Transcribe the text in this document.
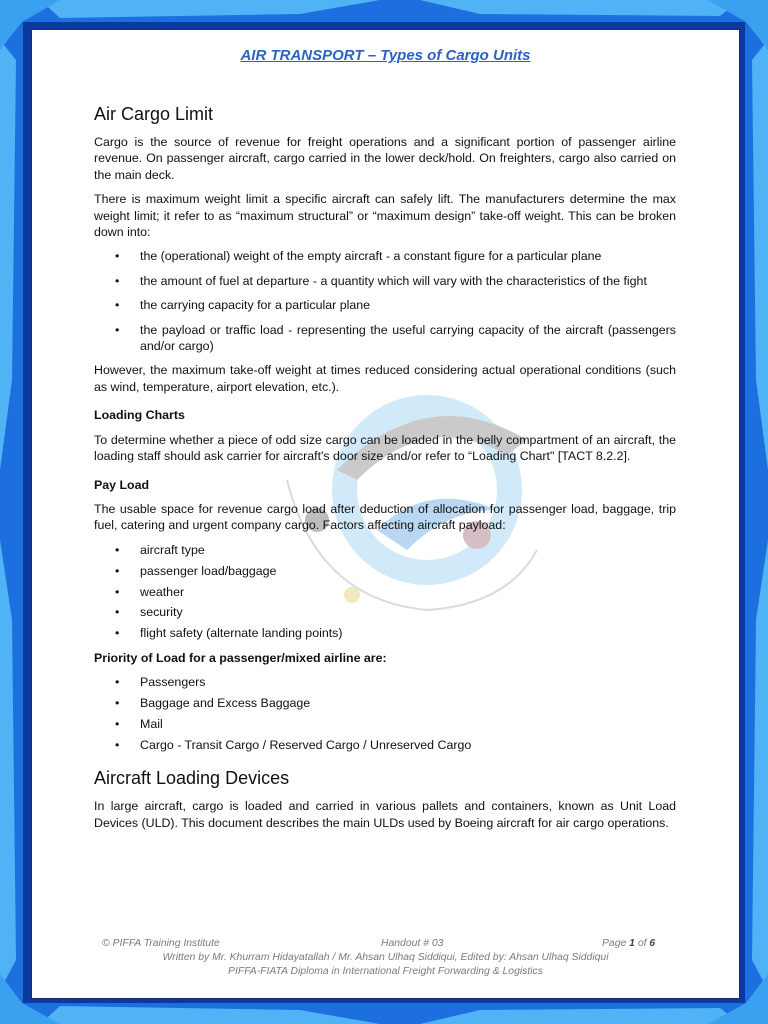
AIR TRANSPORT – Types of Cargo Units
Air Cargo Limit

Cargo is the source of revenue for freight operations and a significant portion of passenger airline revenue. On passenger aircraft, cargo carried in the lower deck/hold. On freighters, cargo also carried on the main deck.

There is maximum weight limit a specific aircraft can safely lift. The manufacturers determine the max weight limit; it refer to as “maximum structural” or “maximum design” take-off weight. This can be broken down into:

• the (operational) weight of the empty aircraft - a constant figure for a particular plane
• the amount of fuel at departure - a quantity which will vary with the characteristics of the fight
• the carrying capacity for a particular plane
• the payload or traffic load - representing the useful carrying capacity of the aircraft (passengers and/or cargo)

However, the maximum take-off weight at times reduced considering actual operational conditions (such as wind, temperature, airport elevation, etc.).

Loading Charts

To determine whether a piece of odd size cargo can be loaded in the belly compartment of an aircraft, the loading staff should ask carrier for aircraft's door size and/or refer to “Loading Chart" [TACT 8.2.2].

Pay Load

The usable space for revenue cargo load after deduction of allocation for passenger load, baggage, trip fuel, catering and urgent company cargo. Factors affecting aircraft payload:

• aircraft type
• passenger load/baggage
• weather
• security
• flight safety (alternate landing points)
Priority of Load for a passenger/mixed airline are:
• Passengers
• Baggage and Excess Baggage
• Mail
• Cargo - Transit Cargo / Reserved Cargo / Unreserved Cargo
Aircraft Loading Devices

In large aircraft, cargo is loaded and carried in various pallets and containers, known as Unit Load Devices (ULD). This document describes the main ULDs used by Boeing aircraft for air cargo operations.

© PIFFA Training Institute	Handout # 03	Page 1 of 6
Written by Mr. Khurram Hidayatallah / Mr. Ahsan Ulhaq Siddiqui, Edited by: Ahsan Ulhaq Siddiqui
PIFFA-FIATA Diploma in International Freight Forwarding & Logistics
